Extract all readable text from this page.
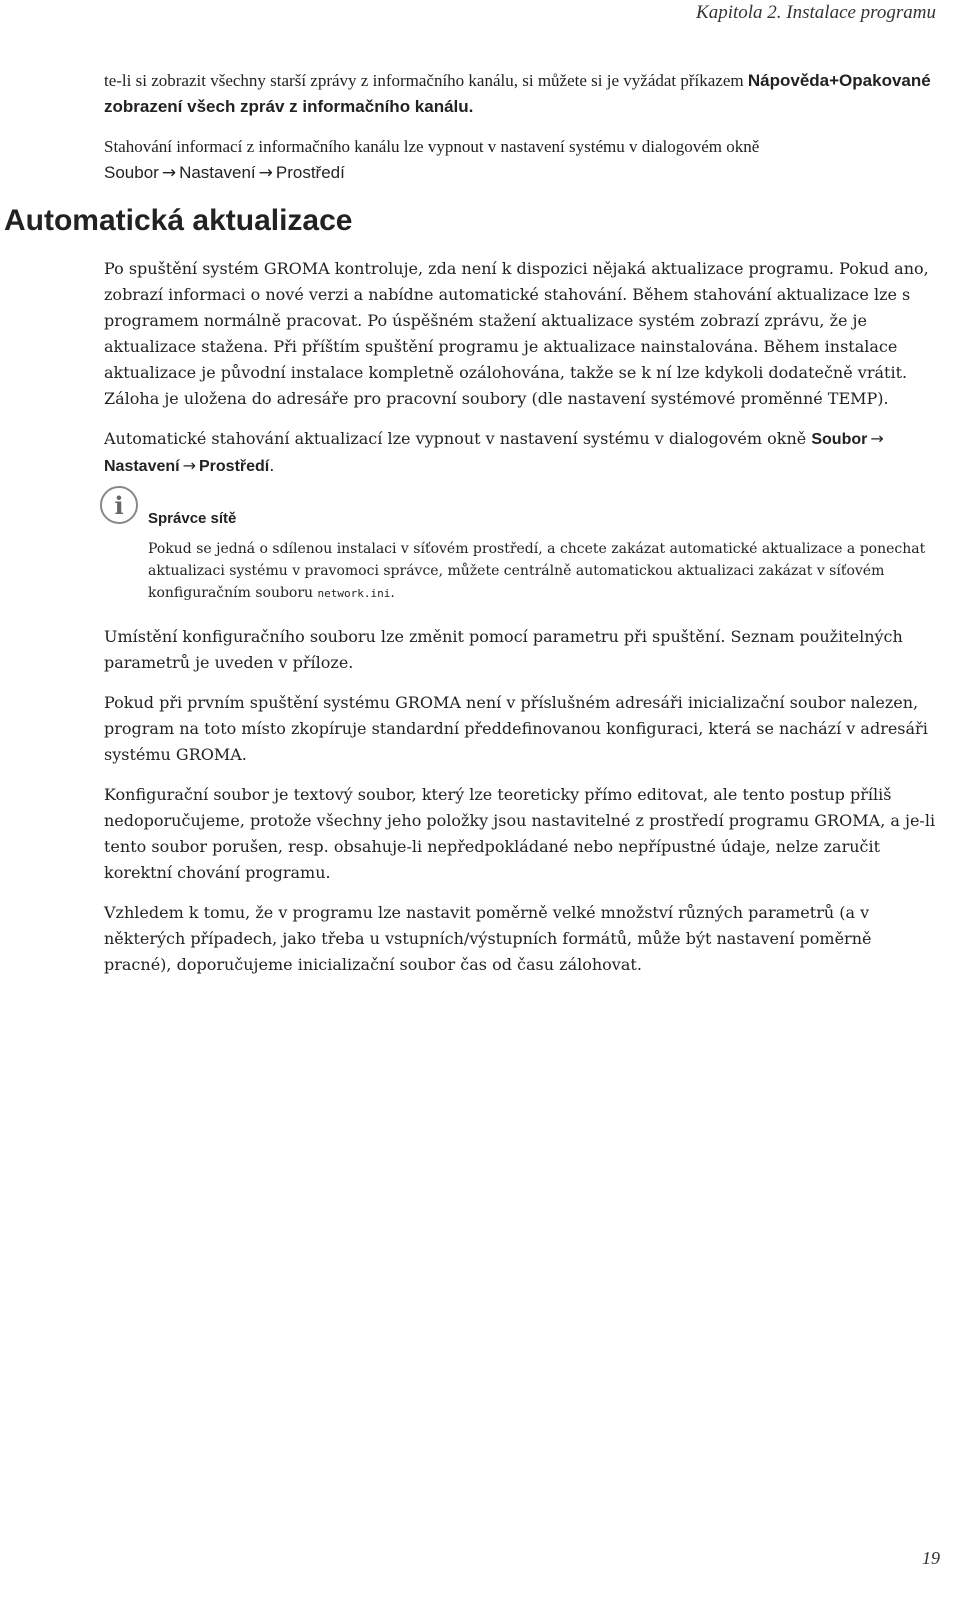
Kapitola 2. Instalace programu

te-li si zobrazit všechny starší zprávy z informačního kanálu, si můžete si je vyžádat příkazem Nápověda+Opakované zobrazení všech zpráv z informačního kanálu.

Stahování informací z informačního kanálu lze vypnout v nastavení systému v dialogovém okně
Soubor → Nastavení → Prostředí

Automatická aktualizace

Po spuštění systém GROMA kontroluje, zda není k dispozici nějaká aktualizace programu. Pokud ano, zobrazí informaci o nové verzi a nabídne automatické stahování. Během stahování aktualizace lze s programem normálně pracovat. Po úspěšném stažení aktualizace systém zobrazí zprávu, že je aktualizace stažena. Při příštím spuštění programu je aktualizace nainstalována. Během instalace aktualizace je původní instalace kompletně ozálohována, takže se k ní lze kdykoli dodatečně vrátit. Záloha je uložena do adresáře pro pracovní soubory (dle nastavení systémové proměnné TEMP).

Automatické stahování aktualizací lze vypnout v nastavení systému v dialogovém okně Soubor →
Nastavení → Prostředí.

i	Správce sítě

Pokud se jedná o sdílenou instalaci v síťovém prostředí, a chcete zakázat automatické aktualizace a ponechat aktualizaci systému v pravomoci správce, můžete centrálně automatickou aktualizaci zakázat v síťovém konfiguračním souboru network.ini.

Umístění konfiguračního souboru lze změnit pomocí parametru při spuštění. Seznam použitelných parametrů je uveden v příloze.

Pokud při prvním spuštění systému GROMA není v příslušném adresáři inicializační soubor nalezen, program na toto místo zkopíruje standardní předdefinovanou konfiguraci, která se nachází v adresáři systému GROMA.

Konfigurační soubor je textový soubor, který lze teoreticky přímo editovat, ale tento postup příliš nedoporučujeme, protože všechny jeho položky jsou nastavitelné z prostředí programu GROMA, a je-li tento soubor porušen, resp. obsahuje-li nepředpokládané nebo nepřípustné údaje, nelze zaručit korektní chování programu.

Vzhledem k tomu, že v programu lze nastavit poměrně velké množství různých parametrů (a v některých případech, jako třeba u vstupních/výstupních formátů, může být nastavení poměrně pracné), doporučujeme inicializační soubor čas od času zálohovat.

19
